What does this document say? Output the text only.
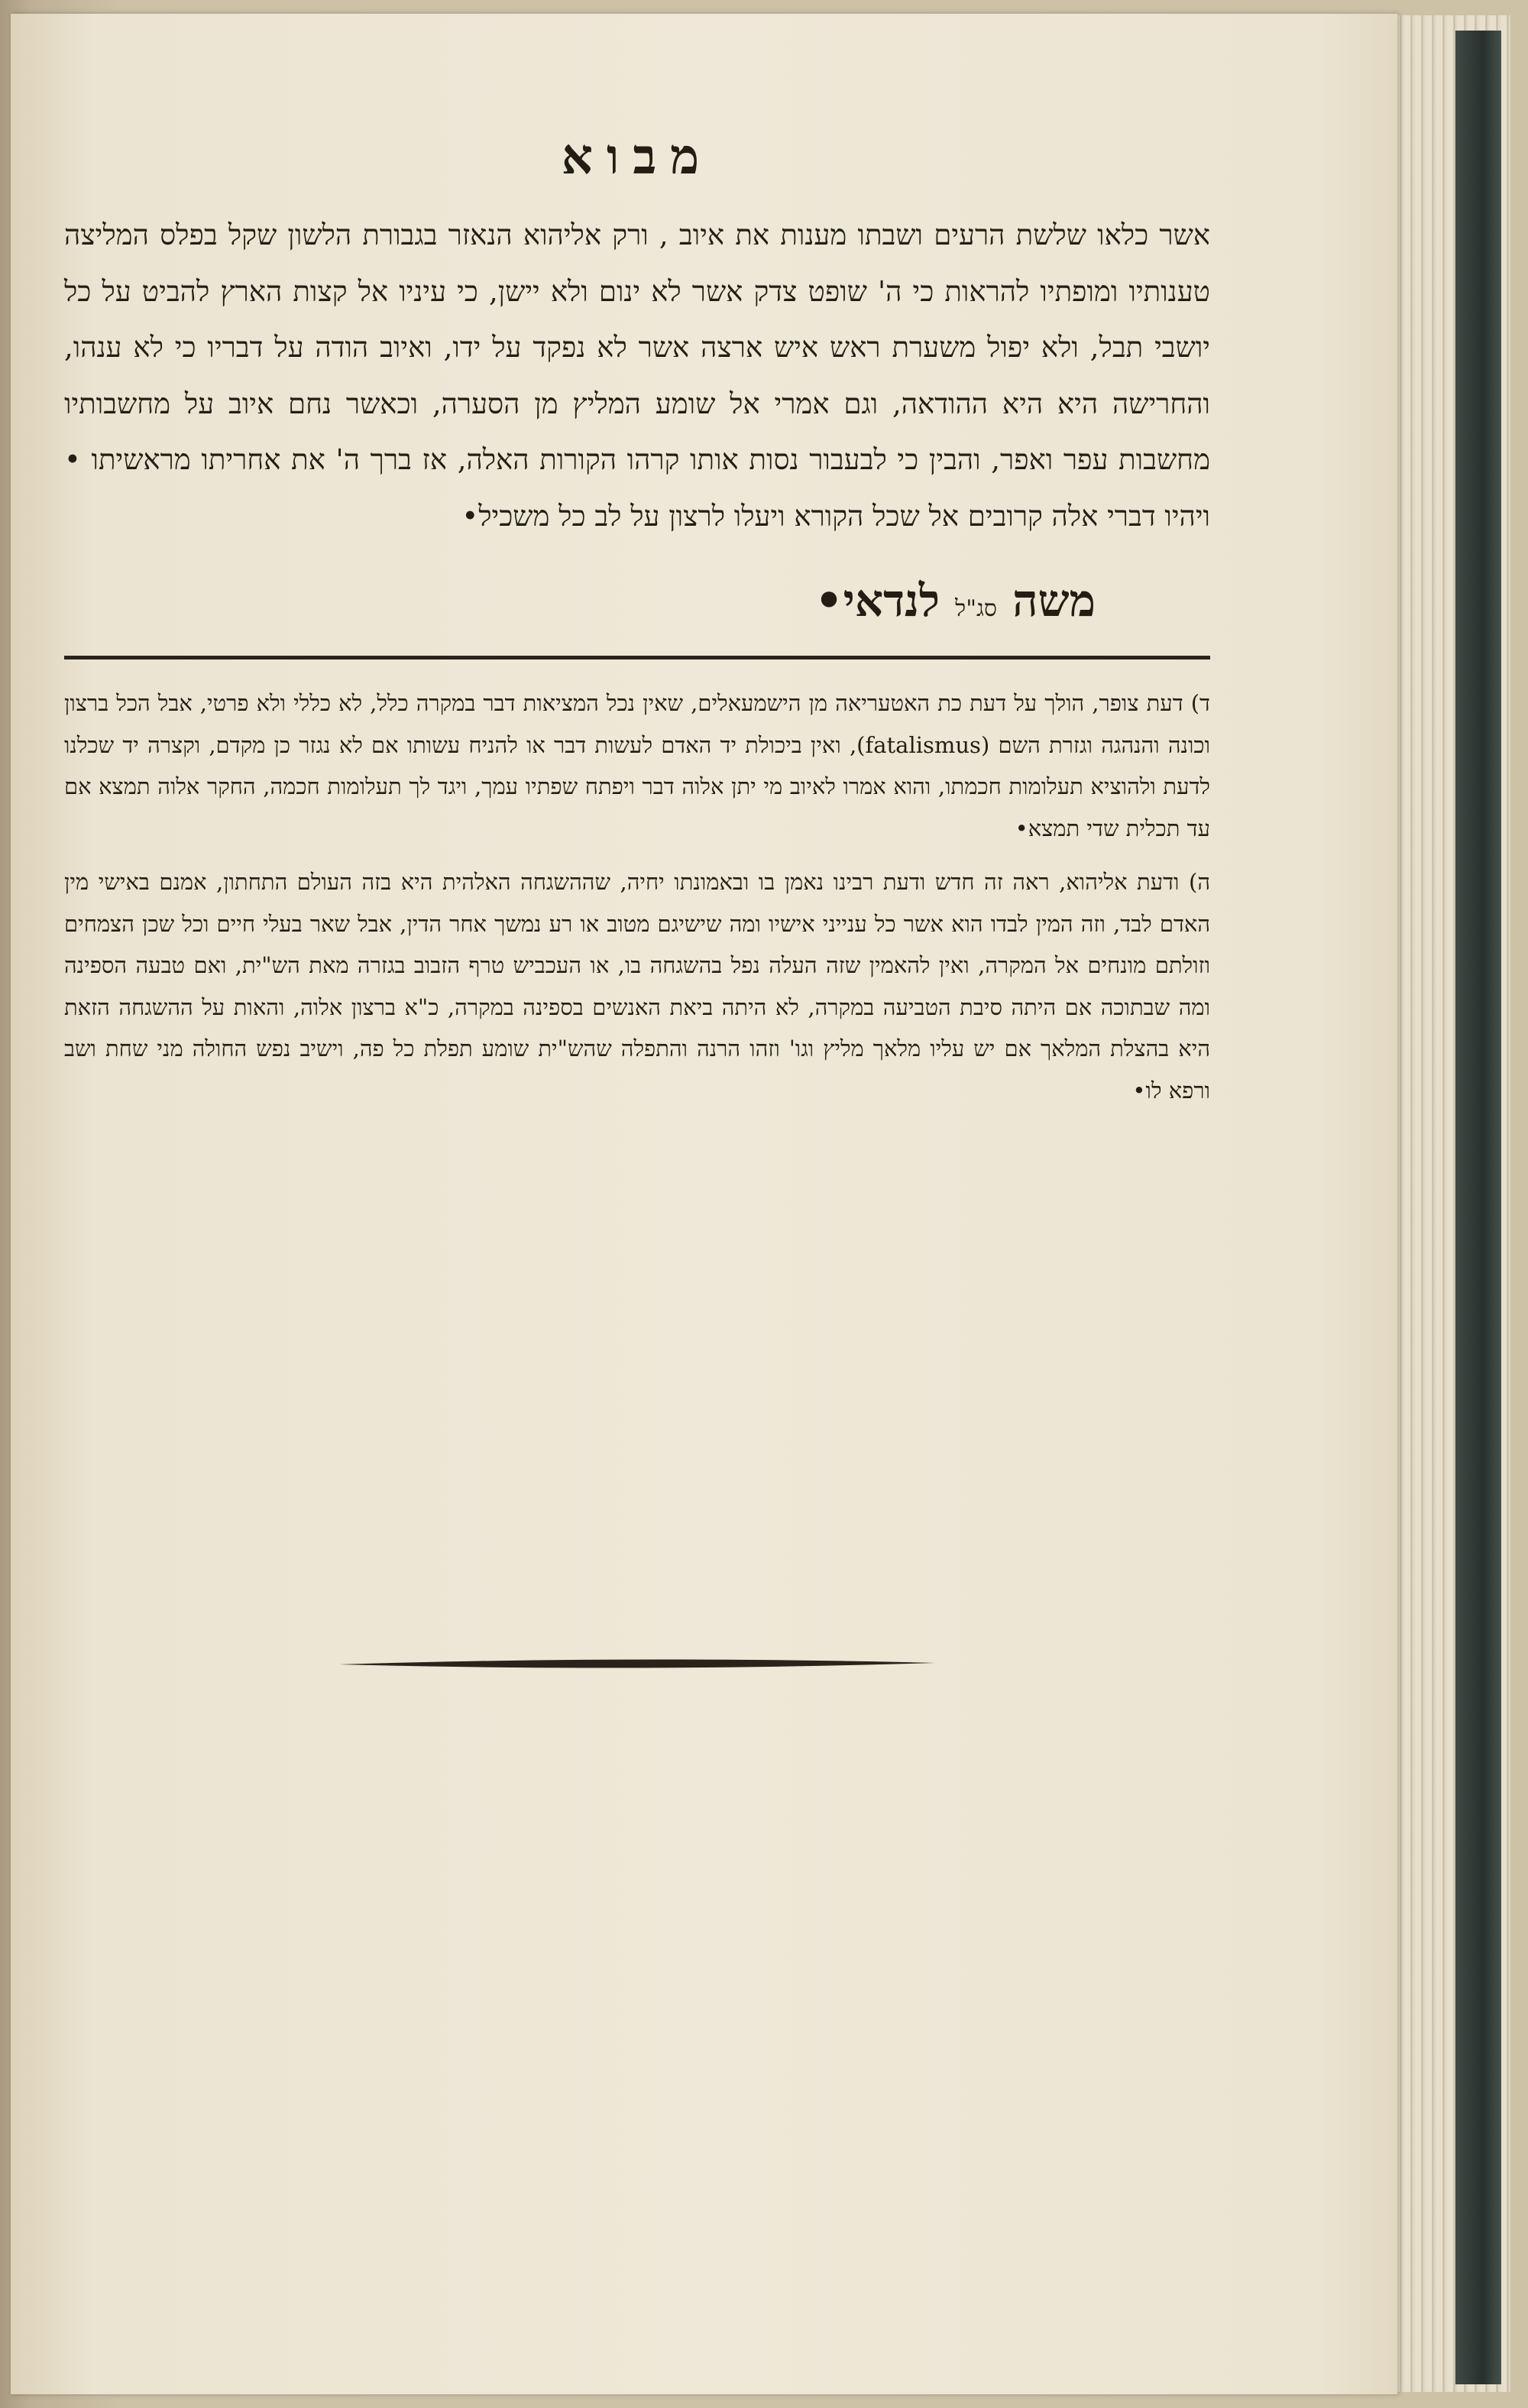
מבוא

אשר כלאו שלשת הרעים ושבתו מענות את איוב , ורק אליהוא הנאזר בגבורת הלשון שקל בפלס המליצה טענותיו ומופתיו להראות כי ה' שופט צדק אשר לא ינום ולא יישן, כי עיניו אל קצות הארץ להביט על כל יושבי תבל, ולא יפול משערת ראש איש ארצה אשר לא נפקד על ידו, ואיוב הודה על דבריו כי לא ענהו, והחרישה היא היא ההודאה, וגם אמרי אל שומע המליץ מן הסערה, וכאשר נחם איוב על מחשבותיו מחשבות עפר ואפר, והבין כי לבעבור נסות אותו קרהו הקורות האלה, אז ברך ה' את אחריתו מראשיתו • ויהיו דברי אלה קרובים אל שכל הקורא ויעלו לרצון על לב כל משכיל•

משה סג"ל לנדאי•

ד) דעת צופר, הולך על דעת כת האטעריאה מן הישמעאלים, שאין נכל המציאות דבר במקרה כלל, לא כללי ולא פרטי, אבל הכל ברצון וכונה והנהגה וגזרת השם (fatalismus), ואין ביכולת יד האדם לעשות דבר או להניח עשותו אם לא נגזר כן מקדם, וקצרה יד שכלנו לדעת ולהוציא תעלומות חכמתו, והוא אמרו לאיוב מי יתן אלוה דבר ויפתח שפתיו עמך, ויגד לך תעלומות חכמה, החקר אלוה תמצא אם עד תכלית שדי תמצא•

ה) ודעת אליהוא, ראה זה חדש ודעת רבינו נאמן בו ובאמונתו יחיה, שההשגחה האלהית היא בזה העולם התחתון, אמנם באישי מין האדם לבד, וזה המין לבדו הוא אשר כל ענייני אישיו ומה שישיגם מטוב או רע נמשך אחר הדין, אבל שאר בעלי חיים וכל שכן הצמחים וזולתם מונחים אל המקרה, ואין להאמין שזה העלה נפל בהשגחה בו, או העכביש טרף הזבוב בגזרה מאת הש"ית, ואם טבעה הספינה ומה שבתוכה אם היתה סיבת הטביעה במקרה, לא היתה ביאת האנשים בספינה במקרה, כ"א ברצון אלוה, והאות על ההשגחה הזאת היא בהצלת המלאך אם יש עליו מלאך מליץ וגו' וזהו הרנה והתפלה שהש"ית שומע תפלת כל פה, וישיב נפש החולה מני שחת ושב ורפא לו•
